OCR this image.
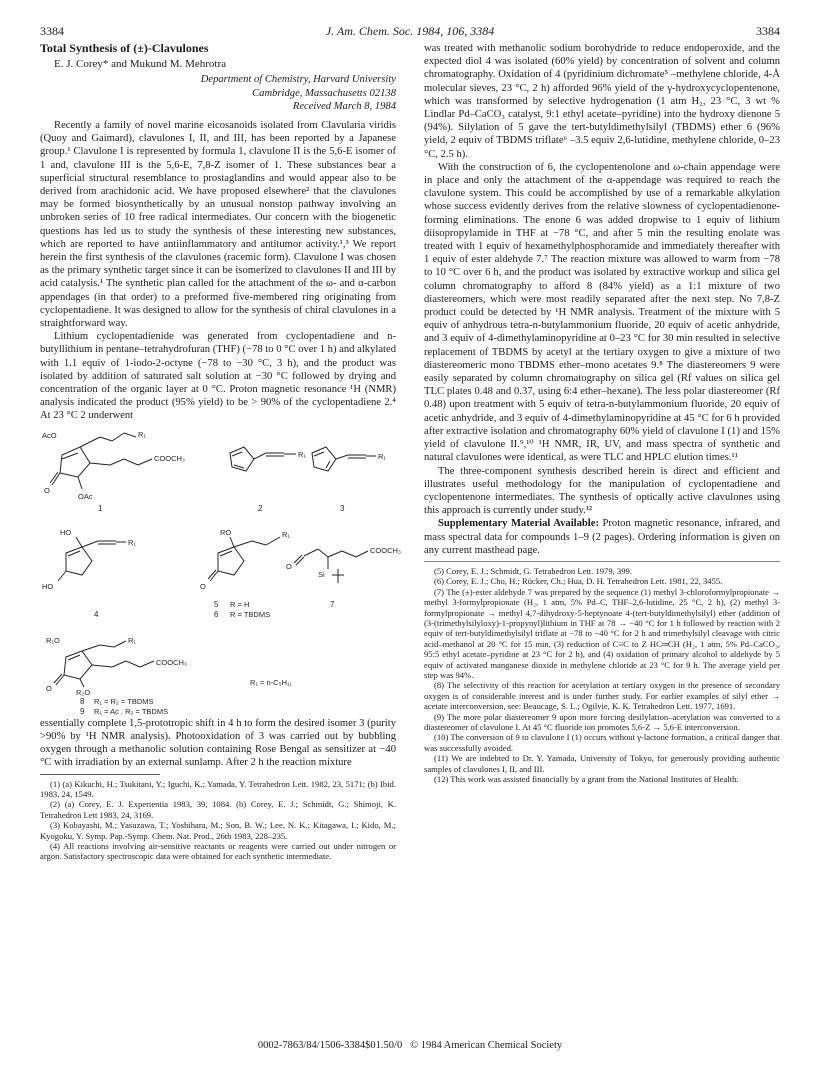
3384	J. Am. Chem. Soc. 1984, 106, 3384	3384
Total Synthesis of (±)-Clavulones
E. J. Corey* and Mukund M. Mehrotra
Department of Chemistry, Harvard University
Cambridge, Massachusetts 02138
Received March 8, 1984

Recently a family of novel marine eicosanoids isolated from Clavularia viridis (Quoy and Gaimard), clavulones I, II, and III, has been reported by a Japanese group.¹ Clavulone I is represented by formula 1, clavulone II is the 5,6-E isomer of 1 and, clavulone III is the 5,6-E, 7,8-Z isomer of 1. These substances bear a superficial structural resemblance to prostaglandins and would appear also to be derived from arachidonic acid. We have proposed elsewhere² that the clavulones may be formed biosynthetically by an unusual nonstop pathway involving an unbroken series of 10 free radical intermediates. Our concern with the biogenetic questions has led us to study the synthesis of these interesting new substances, which are reported to have antiinflammatory and antitumor activity.¹,³ We report herein the first synthesis of the clavulones (racemic form). Clavulone I was chosen as the primary synthetic target since it can be isomerized to clavulones II and III by acid catalysis.¹ The synthetic plan called for the attachment of the ω- and α-carbon appendages (in that order) to a preformed five-membered ring originating from cyclopentadiene. It was designed to allow for the synthesis of chiral clavulones in a straightforward way.

Lithium cyclopentadienide was generated from cyclopentadiene and n-butyllithium in pentane–tetrahydrofuran (THF) (−78 to 0 °C over 1 h) and alkylated with 1.1 equiv of 1-iodo-2-octyne (−78 to −30 °C, 3 h), and the product was isolated by addition of saturated salt solution at −30 °C followed by drying and concentration of the organic layer at 0 °C. Proton magnetic resonance ¹H (NMR) analysis indicated the product (95% yield) to be > 90% of the cyclopentadiene 2.⁴ At 23 °C 2 underwent

AcO	R₁
COOCH₃
O
OAc
1
R₁
2
R₁
3
HO
R₁
HO
4
RO	R₁
O
5 R = H
6 R = TBDMS
O
COOCH₃
Si
7
R₁O	R₁
COOCH₃
R₂O
O
R₁ = n-C₅H₁₁
8 R₁ = R₂ = TBDMS
9 R₁ = Ac , R₂ = TBDMS

essentially complete 1,5-prototropic shift in 4 h to form the desired isomer 3 (purity >90% by ¹H NMR analysis). Photooxidation of 3 was carried out by bubbling oxygen through a methanolic solution containing Rose Bengal as sensitizer at −40 °C with irradiation by an external sunlamp. After 2 h the reaction mixture

(1) (a) Kikuchi, H.; Tsukitani, Y.; Iguchi, K.; Yamada, Y. Tetrahedron Lett. 1982, 23, 5171; (b) Ibid. 1983, 24, 1549.

(2) (a) Corey, E. J. Experientia 1983, 39, 1084. (b) Corey, E. J.; Schmidt, G.; Shimoji, K. Tetrahedron Lett 1983, 24, 3169.

(3) Kobayashi, M.; Yasuzawa, T.; Yoshihara, M.; Son, B. W.; Lee, N. K.; Kitagawa, I.; Kido, M.; Kyogoku, Y. Symp. Pap.-Symp. Chem. Nat. Prod., 26th 1983, 228–235.

(4) All reactions involving air-sensitive reactants or reagents were carried out under nitrogen or argon. Satisfactory spectroscopic data were obtained for each synthetic intermediate.

was treated with methanolic sodium borohydride to reduce endoperoxide, and the expected diol 4 was isolated (60% yield) by concentration of solvent and column chromatography. Oxidation of 4 (pyridinium dichromate⁵ –methylene chloride, 4-Å molecular sieves, 23 °C, 2 h) afforded 96% yield of the γ-hydroxycyclopentenone, which was transformed by selective hydrogenation (1 atm H₂, 23 °C, 3 wt % Lindlar Pd–CaCO₃ catalyst, 9:1 ethyl acetate–pyridine) into the hydroxy dienone 5 (94%). Silylation of 5 gave the tert-butyldimethylsilyl (TBDMS) ether 6 (96% yield, 2 equiv of TBDMS triflate⁶ –3.5 equiv 2,6-lutidine, methylene chloride, 0–23 °C, 2.5 h).

With the construction of 6, the cyclopentenolone and ω-chain appendage were in place and only the attachment of the α-appendage was required to reach the clavulone system. This could be accomplished by use of a remarkable alkylation whose success evidently derives from the relative slowness of cyclopentadienone-forming eliminations. The enone 6 was added dropwise to 1 equiv of lithium diisopropylamide in THF at −78 °C, and after 5 min the resulting enolate was treated with 1 equiv of hexamethylphosphoramide and immediately thereafter with 1 equiv of ester aldehyde 7.⁷ The reaction mixture was allowed to warm from −78 to 10 °C over 6 h, and the product was isolated by extractive workup and silica gel column chromatography to afford 8 (84% yield) as a 1:1 mixture of two diastereomers, which were most readily separated after the next step. No 7,8-Z product could be detected by ¹H NMR analysis. Treatment of the mixture with 5 equiv of anhydrous tetra-n-butylammonium fluoride, 20 equiv of acetic anhydride, and 3 equiv of 4-dimethylaminopyridine at 0–23 °C for 30 min resulted in selective replacement of TBDMS by acetyl at the tertiary oxygen to give a mixture of two diastereomeric mono TBDMS ether–mono acetates 9.⁸ The diastereomers 9 were easily separated by column chromatography on silica gel (Rf values on silica gel TLC plates 0.48 and 0.37, using 6:4 ether–hexane). The less polar diastereomer (Rf 0.48) upon treatment with 5 equiv of tetra-n-butylammonium fluoride, 20 equiv of acetic anhydride, and 3 equiv of 4-dimethylaminopyridine at 45 °C for 6 h provided after extractive isolation and chromatography 60% yield of clavulone I (1) and 15% yield of clavulone II.⁹,¹⁰ ¹H NMR, IR, UV, and mass spectra of synthetic and natural clavulones were identical, as were TLC and HPLC elution times.¹¹

The three-component synthesis described herein is direct and efficient and illustrates useful methodology for the manipulation of cyclopentadiene and cyclopentenone intermediates. The synthesis of optically active clavulones using this approach is currently under study.¹²

Supplementary Material Available: Proton magnetic resonance, infrared, and mass spectral data for compounds 1–9 (2 pages). Ordering information is given on any current masthead page.

(5) Corey, E. J.; Schmidt, G. Tetrahedron Lett. 1979, 399.

(6) Corey, E. J.; Cho, H.; Rücker, Ch.; Hua, D. H. Tetrahedron Lett. 1981, 22, 3455.

(7) The (±)-ester aldehyde 7 was prepared by the sequence (1) methyl 3-chloroformylpropionate → methyl 3-formylpropionate (H₂, 1 atm, 5% Pd–C, THF–2,6-lutidine, 25 °C, 2 h), (2) methyl 3-formylpropionate → methyl 4,7-dihydroxy-5-heptynoate 4-(tert-butyldimethylsilyl) ether (addition of (3-(trimethylsilyloxy)-1-propynyl)lithium in THF at 78 → −40 °C for 1 h followed by reaction with 2 equiv of tert-butyldimethylsilyl triflate at −78 to −40 °C for 2 h and trimethylsilyl cleavage with citric acid–methanol at 20 °C for 15 min, (3) reduction of C≡C to Z HC═CH (H₂, 1 atm, 5% Pd–CaCO₃, 95:5 ethyl acetate–pyridine at 23 °C for 2 h), and (4) oxidation of primary alcohol to aldehyde by 5 equiv of activated manganese dioxide in methylene chloride at 23 °C for 9 h. The average yield per step was 94%.

(8) The selectivity of this reaction for acetylation at tertiary oxygen in the presence of secondary oxygen is of considerable interest and is under further study. For earlier examples of silyl ether → acetate interconversion, see: Beaucage, S. L.; Ogilvie, K. K. Tetrahedron Lett. 1977, 1691.

(9) The more polar diastereomer 9 upon more forcing desilylation–acetylation was converted to a diastereomer of clavulone I. At 45 °C fluoride ion promotes 5,6-Z → 5,6-E interconversion.

(10) The conversion of 9 to clavulone I (1) occurs without γ-lactone formation, a critical danger that was successfully avoided.

(11) We are indebted to Dr. Y. Yamada, University of Tokyo, for generously providing authentic samples of clavulones I, II, and III.

(12) This work was assisted financially by a grant from the National Institutes of Health.

0002-7863/84/1506-3384$01.50/0 © 1984 American Chemical Society
